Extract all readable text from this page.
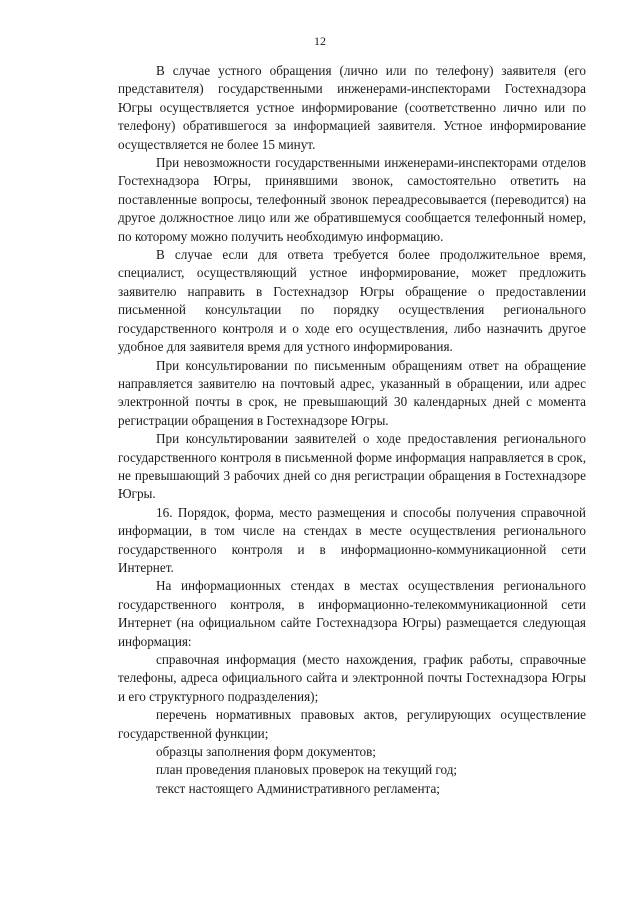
12

В случае устного обращения (лично или по телефону) заявителя (его представителя) государственными инженерами-инспекторами Гостехнадзора Югры осуществляется устное информирование (соответственно лично или по телефону) обратившегося за информацией заявителя. Устное информирование осуществляется не более 15 минут.

При невозможности государственными инженерами-инспекторами отделов Гостехнадзора Югры, принявшими звонок, самостоятельно ответить на поставленные вопросы, телефонный звонок переадресовывается (переводится) на другое должностное лицо или же обратившемуся сообщается телефонный номер, по которому можно получить необходимую информацию.

В случае если для ответа требуется более продолжительное время, специалист, осуществляющий устное информирование, может предложить заявителю направить в Гостехнадзор Югры обращение о предоставлении письменной консультации по порядку осуществления регионального государственного контроля и о ходе его осуществления, либо назначить другое удобное для заявителя время для устного информирования.

При консультировании по письменным обращениям ответ на обращение направляется заявителю на почтовый адрес, указанный в обращении, или адрес электронной почты в срок, не превышающий 30 календарных дней с момента регистрации обращения в Гостехнадзоре Югры.

При консультировании заявителей о ходе предоставления регионального государственного контроля в письменной форме информация направляется в срок, не превышающий 3 рабочих дней со дня регистрации обращения в Гостехнадзоре Югры.

16. Порядок, форма, место размещения и способы получения справочной информации, в том числе на стендах в месте осуществления регионального государственного контроля и в информационно-коммуникационной сети Интернет.

На информационных стендах в местах осуществления регионального государственного контроля, в информационно-телекоммуникационной сети Интернет (на официальном сайте Гостехнадзора Югры) размещается следующая информация:

справочная информация (место нахождения, график работы, справочные телефоны, адреса официального сайта и электронной почты Гостехнадзора Югры и его структурного подразделения);

перечень нормативных правовых актов, регулирующих осуществление государственной функции;

образцы заполнения форм документов;

план проведения плановых проверок на текущий год;

текст настоящего Административного регламента;
